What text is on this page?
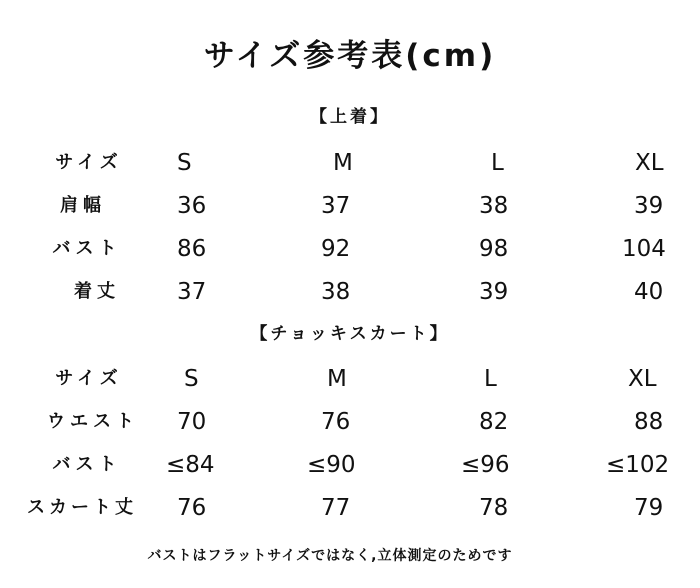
サイズ参考表(cm)
【上着】
サイズ	S	M	L	XL
肩幅	36	37	38	39
バスト	86	92	98	104
着丈	37	38	39	40
【チョッキスカート】
サイズ	S	M	L	XL
ウエスト	70	76	82	88
バスト	≤84	≤90	≤96	≤102
スカート丈	76	77	78	79
バストはフラットサイズではなく,立体測定のためです
